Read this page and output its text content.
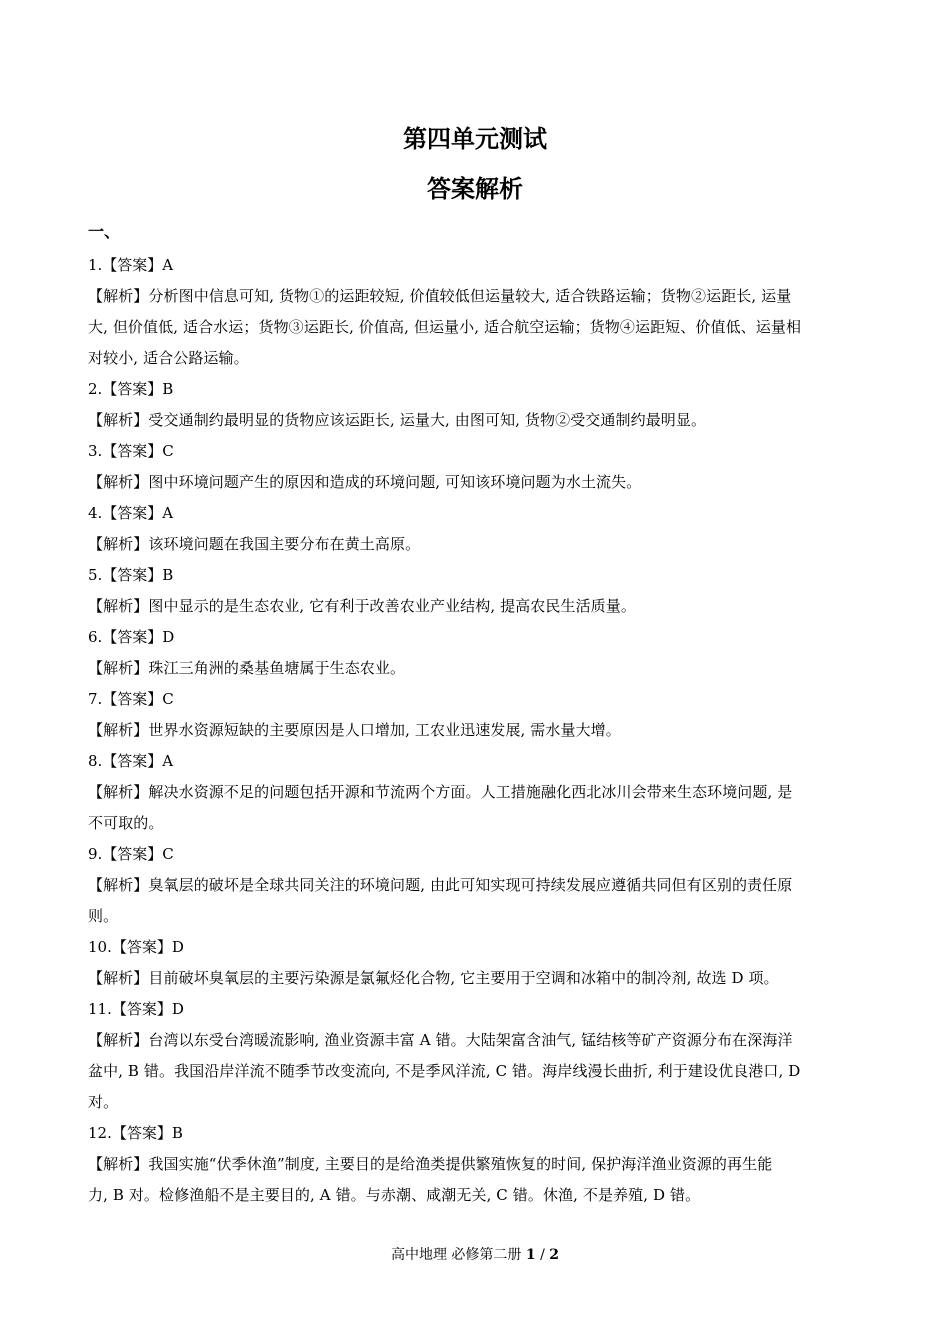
第四单元测试
答案解析
一、
1.【答案】A
【解析】分析图中信息可知, 货物①的运距较短, 价值较低但运量较大, 适合铁路运输；货物②运距长, 运量
大, 但价值低, 适合水运；货物③运距长, 价值高, 但运量小, 适合航空运输；货物④运距短、价值低、运量相
对较小, 适合公路运输。
2.【答案】B
【解析】受交通制约最明显的货物应该运距长, 运量大, 由图可知, 货物②受交通制约最明显。
3.【答案】C
【解析】图中环境问题产生的原因和造成的环境问题, 可知该环境问题为水土流失。
4.【答案】A
【解析】该环境问题在我国主要分布在黄土高原。
5.【答案】B
【解析】图中显示的是生态农业, 它有利于改善农业产业结构, 提高农民生活质量。
6.【答案】D
【解析】珠江三角洲的桑基鱼塘属于生态农业。
7.【答案】C
【解析】世界水资源短缺的主要原因是人口增加, 工农业迅速发展, 需水量大增。
8.【答案】A
【解析】解决水资源不足的问题包括开源和节流两个方面。人工措施融化西北冰川会带来生态环境问题, 是
不可取的。
9.【答案】C
【解析】臭氧层的破坏是全球共同关注的环境问题, 由此可知实现可持续发展应遵循共同但有区别的责任原
则。
10.【答案】D
【解析】目前破坏臭氧层的主要污染源是氯氟烃化合物, 它主要用于空调和冰箱中的制冷剂, 故选 D 项。
11.【答案】D
【解析】台湾以东受台湾暖流影响, 渔业资源丰富 A 错。大陆架富含油气, 锰结核等矿产资源分布在深海洋
盆中, B 错。我国沿岸洋流不随季节改变流向, 不是季风洋流, C 错。海岸线漫长曲折, 利于建设优良港口, D
对。
12.【答案】B
【解析】我国实施“伏季休渔”制度, 主要目的是给渔类提供繁殖恢复的时间, 保护海洋渔业资源的再生能
力, B 对。检修渔船不是主要目的, A 错。与赤潮、咸潮无关, C 错。休渔, 不是养殖, D 错。
高中地理 必修第二册 1 / 2
